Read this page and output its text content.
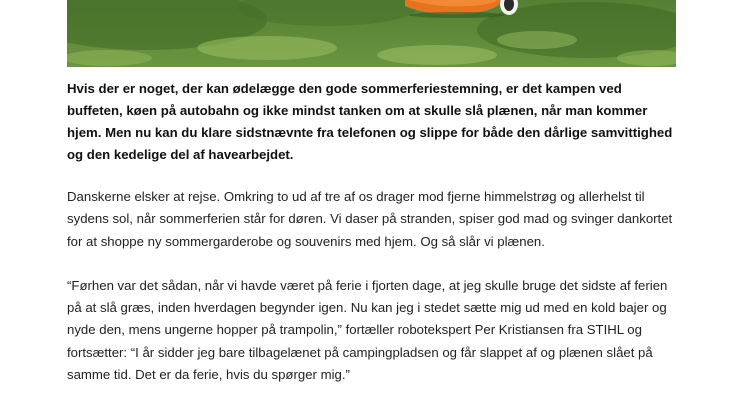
Hvis der er noget, der kan ødelægge den gode sommerferiestemning, er det kampen ved buffeten, køen på autobahn og ikke mindst tanken om at skulle slå plænen, når man kommer hjem. Men nu kan du klare sidstnævnte fra telefonen og slippe for både den dårlige samvittighed og den kedelige del af havearbejdet.

Danskerne elsker at rejse. Omkring to ud af tre af os drager mod fjerne himmelstrøg og allerhelst til sydens sol, når sommerferien står for døren. Vi daser på stranden, spiser god mad og svinger dankortet for at shoppe ny sommergarderobe og souvenirs med hjem. Og så slår vi plænen.

“Førhen var det sådan, når vi havde været på ferie i fjorten dage, at jeg skulle bruge det sidste af ferien på at slå græs, inden hverdagen begynder igen. Nu kan jeg i stedet sætte mig ud med en kold bajer og nyde den, mens ungerne hopper på trampolin,” fortæller robotekspert Per Kristiansen fra STIHL og fortsætter: “I år sidder jeg bare tilbagelænet på campingpladsen og får slappet af og plænen slået på samme tid. Det er da ferie, hvis du spørger mig.”
